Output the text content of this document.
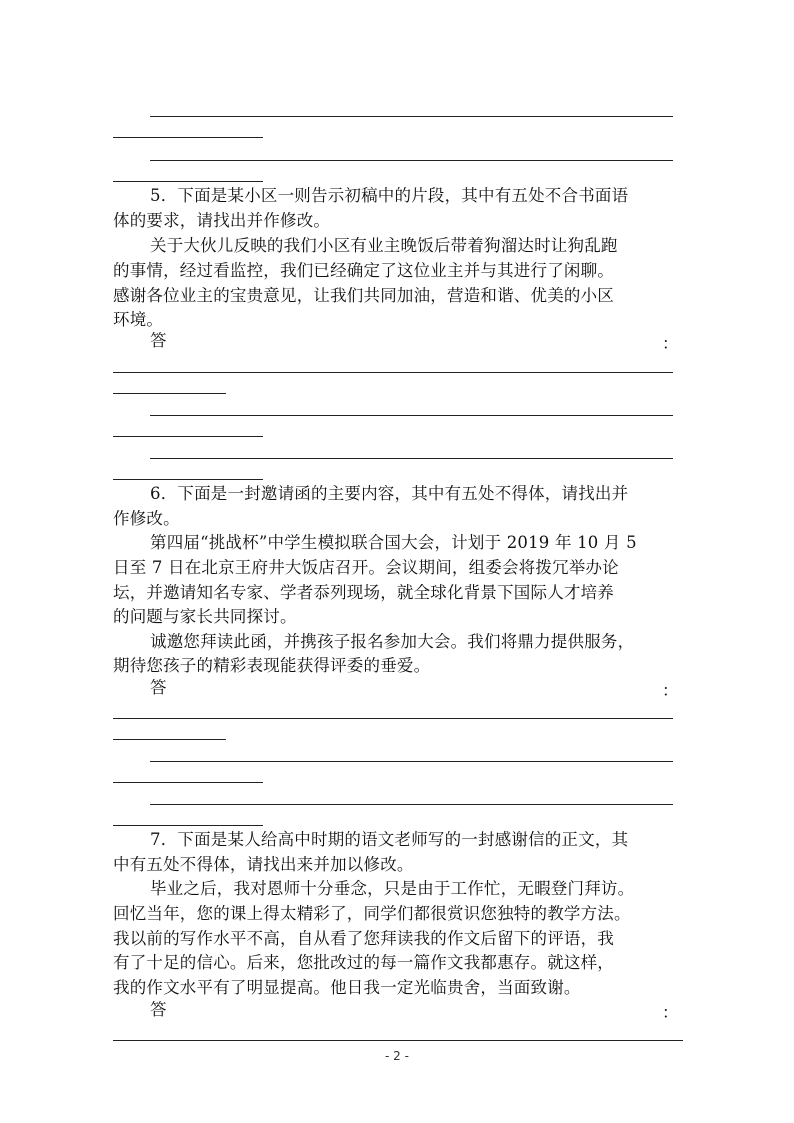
5．下面是某小区一则告示初稿中的片段，其中有五处不合书面语
体的要求，请找出并作修改。
关于大伙儿反映的我们小区有业主晚饭后带着狗溜达时让狗乱跑
的事情，经过看监控，我们已经确定了这位业主并与其进行了闲聊。
感谢各位业主的宝贵意见，让我们共同加油，营造和谐、优美的小区
环境。
答	：
6．下面是一封邀请函的主要内容，其中有五处不得体，请找出并
作修改。
第四届“挑战杯”中学生模拟联合国大会，计划于 2019 年 10 月 5
日至 7 日在北京王府井大饭店召开。会议期间，组委会将拨冗举办论
坛，并邀请知名专家、学者忝列现场，就全球化背景下国际人才培养
的问题与家长共同探讨。
诚邀您拜读此函，并携孩子报名参加大会。我们将鼎力提供服务，
期待您孩子的精彩表现能获得评委的垂爱。
答	：
7．下面是某人给高中时期的语文老师写的一封感谢信的正文，其
中有五处不得体，请找出来并加以修改。
毕业之后，我对恩师十分垂念，只是由于工作忙，无暇登门拜访。
回忆当年，您的课上得太精彩了，同学们都很赏识您独特的教学方法。
我以前的写作水平不高，自从看了您拜读我的作文后留下的评语，我
有了十足的信心。后来，您批改过的每一篇作文我都惠存。就这样，
我的作文水平有了明显提高。他日我一定光临贵舍，当面致谢。
答	：
- 2 -
